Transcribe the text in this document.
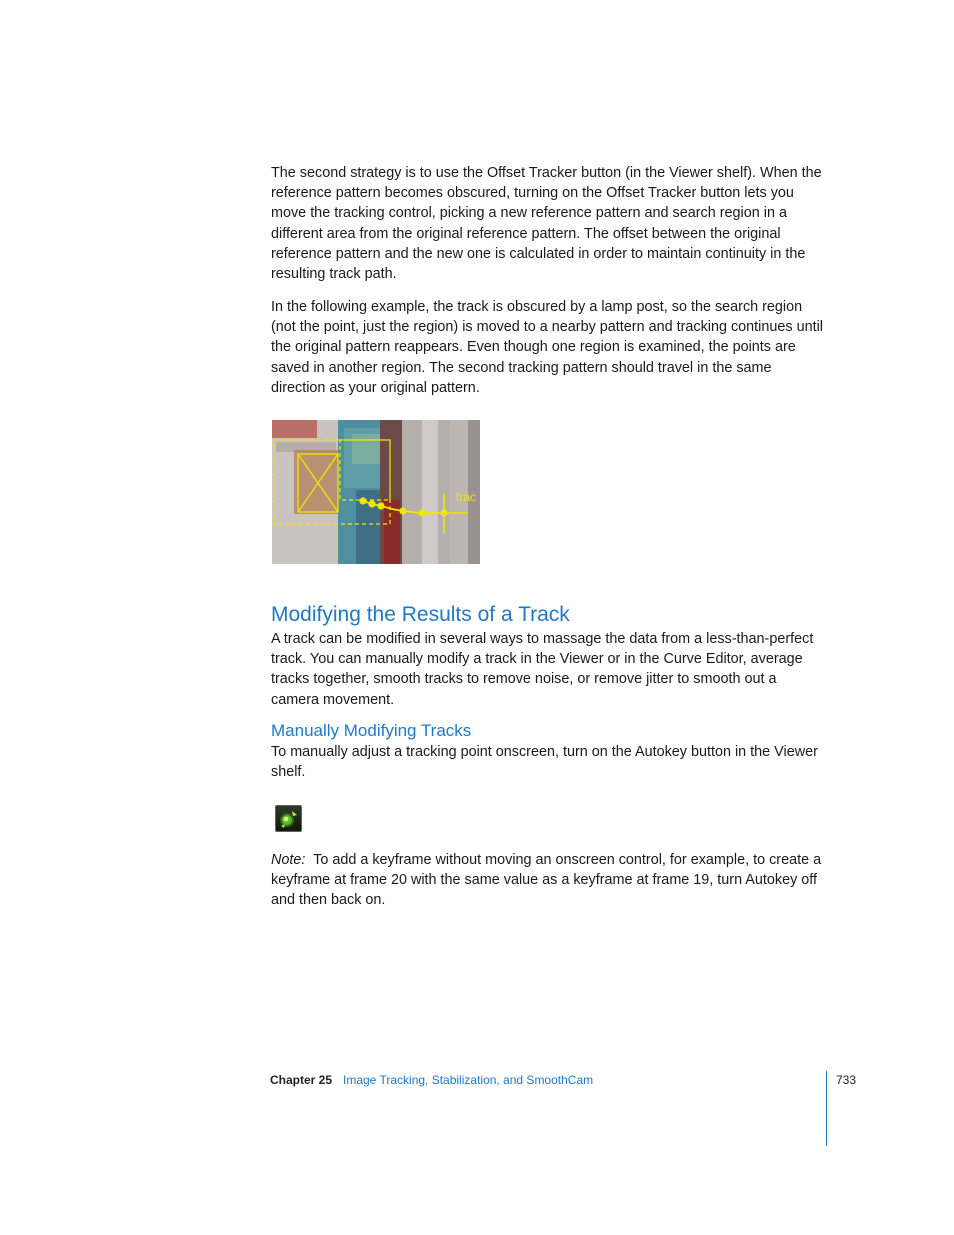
The second strategy is to use the Offset Tracker button (in the Viewer shelf). When the reference pattern becomes obscured, turning on the Offset Tracker button lets you move the tracking control, picking a new reference pattern and search region in a different area from the original reference pattern. The offset between the original reference pattern and the new one is calculated in order to maintain continuity in the resulting track path.

In the following example, the track is obscured by a lamp post, so the search region (not the point, just the region) is moved to a nearby pattern and tracking continues until the original pattern reappears. Even though one region is examined, the points are saved in another region. The second tracking pattern should travel in the same direction as your original pattern.

trac
Modifying the Results of a Track

A track can be modified in several ways to massage the data from a less-than-perfect track. You can manually modify a track in the Viewer or in the Curve Editor, average tracks together, smooth tracks to remove noise, or remove jitter to smooth out a camera movement.

Manually Modifying Tracks

To manually adjust a tracking point onscreen, turn on the Autokey button in the Viewer shelf.

Note: To add a keyframe without moving an onscreen control, for example, to create a keyframe at frame 20 with the same value as a keyframe at frame 19, turn Autokey off and then back on.

Chapter 25 Image Tracking, Stabilization, and SmoothCam	733
